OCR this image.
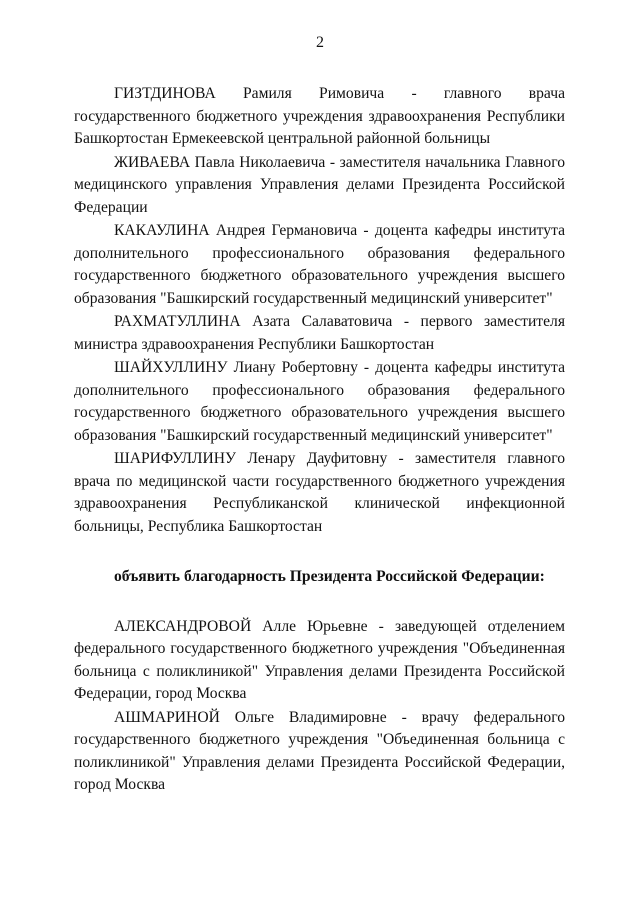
2

ГИЗТДИНОВА Рамиля Римовича - главного врача государственного бюджетного учреждения здравоохранения Республики Башкортостан Ермекеевской центральной районной больницы

ЖИВАЕВА Павла Николаевича - заместителя начальника Главного медицинского управления Управления делами Президента Российской Федерации

КАКАУЛИНА Андрея Германовича - доцента кафедры института дополнительного профессионального образования федерального государственного бюджетного образовательного учреждения высшего образования "Башкирский государственный медицинский университет"

РАХМАТУЛЛИНА Азата Салаватовича - первого заместителя министра здравоохранения Республики Башкортостан

ШАЙХУЛЛИНУ Лиану Робертовну - доцента кафедры института дополнительного профессионального образования федерального государственного бюджетного образовательного учреждения высшего образования "Башкирский государственный медицинский университет"

ШАРИФУЛЛИНУ Ленару Дауфитовну - заместителя главного врача по медицинской части государственного бюджетного учреждения здравоохранения Республиканской клинической инфекционной больницы, Республика Башкортостан

объявить благодарность Президента Российской Федерации:

АЛЕКСАНДРОВОЙ Алле Юрьевне - заведующей отделением федерального государственного бюджетного учреждения "Объединенная больница с поликлиникой" Управления делами Президента Российской Федерации, город Москва

АШМАРИНОЙ Ольге Владимировне - врачу федерального государственного бюджетного учреждения "Объединенная больница с поликлиникой" Управления делами Президента Российской Федерации, город Москва
